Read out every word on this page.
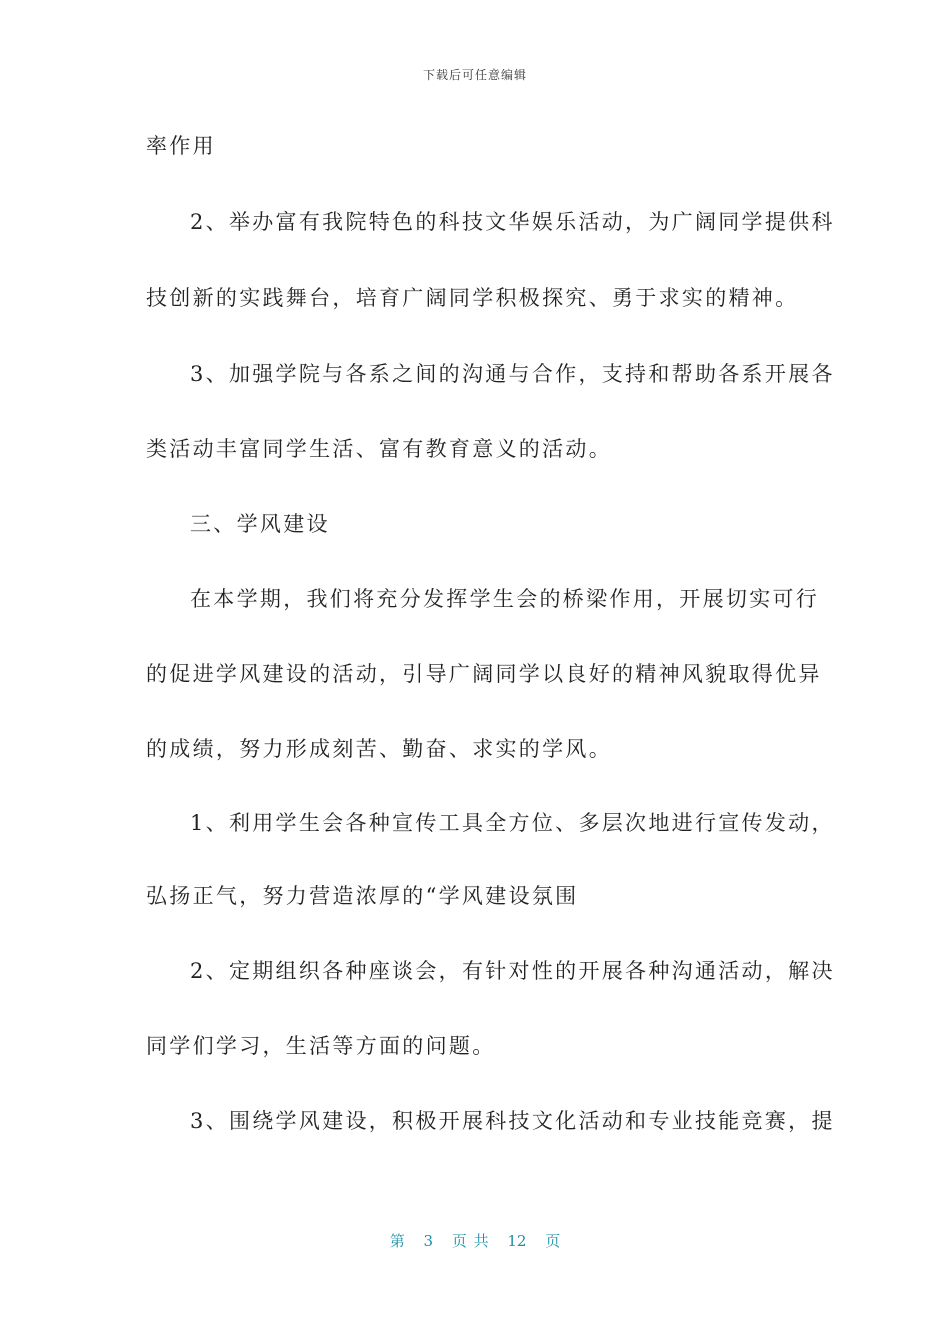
下载后可任意编辑
率作用
2、举办富有我院特色的科技文华娱乐活动，为广阔同学提供科
技创新的实践舞台，培育广阔同学积极探究、勇于求实的精神。
3、加强学院与各系之间的沟通与合作，支持和帮助各系开展各
类活动丰富同学生活、富有教育意义的活动。
三、学风建设
在本学期，我们将充分发挥学生会的桥梁作用，开展切实可行
的促进学风建设的活动，引导广阔同学以良好的精神风貌取得优异
的成绩，努力形成刻苦、勤奋、求实的学风。
1、利用学生会各种宣传工具全方位、多层次地进行宣传发动，
弘扬正气，努力营造浓厚的“学风建设氛围
2、定期组织各种座谈会，有针对性的开展各种沟通活动，解决
同学们学习，生活等方面的问题。
3、围绕学风建设，积极开展科技文化活动和专业技能竞赛，提
第 3 页 共 12 页
